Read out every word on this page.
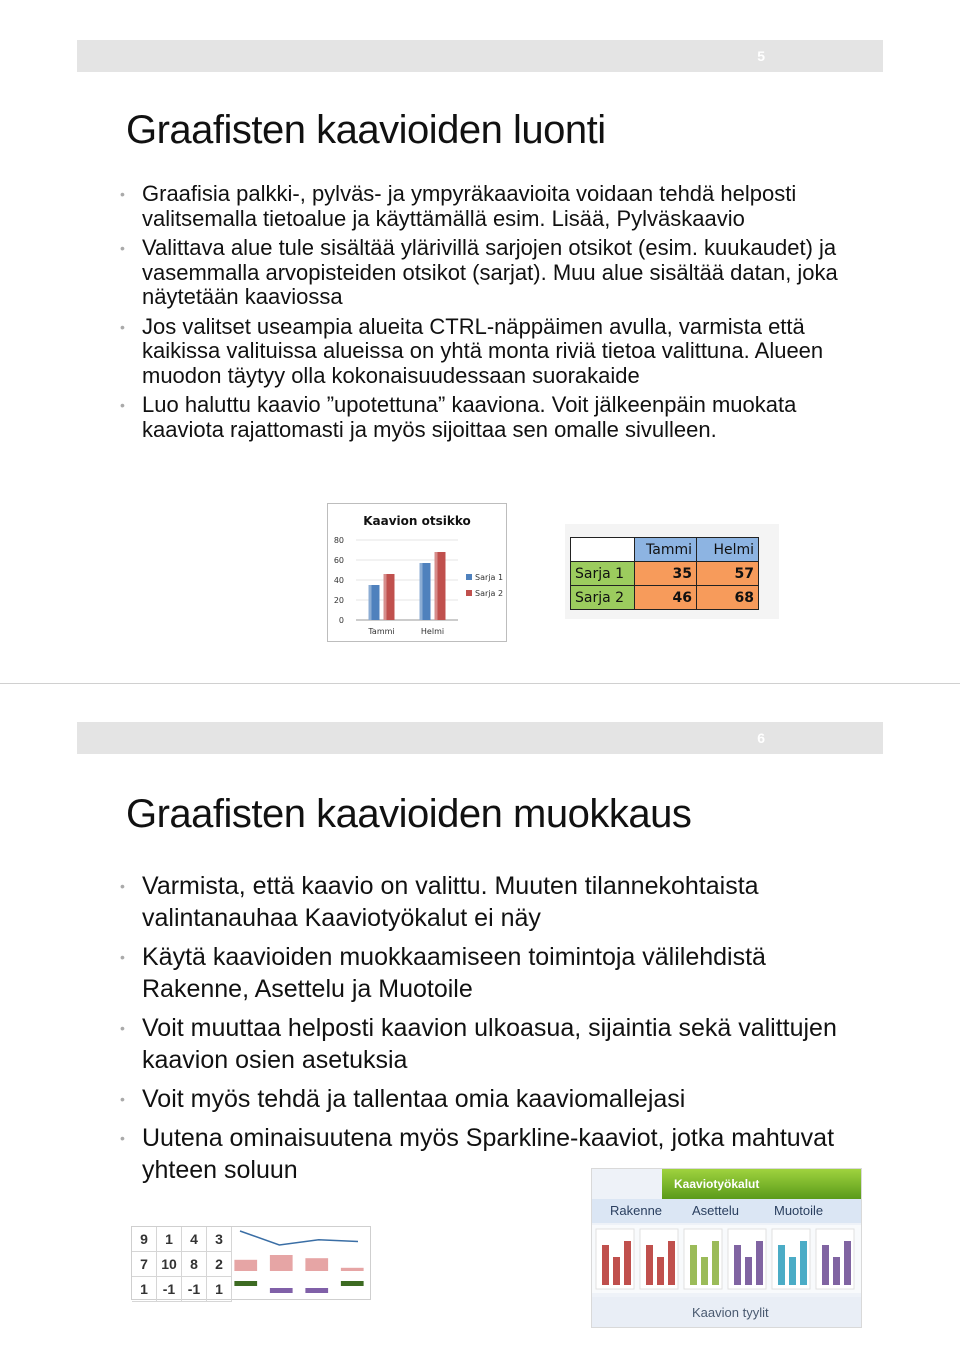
5
Graafisten kaavioiden luonti
• Graafisia palkki-, pylväs- ja ympyräkaavioita voidaan tehdä helposti valitsemalla tietoalue ja käyttämällä esim. Lisää, Pylväskaavio
• Valittava alue tule sisältää ylärivillä sarjojen otsikot (esim. kuukaudet) ja vasemmalla arvopisteiden otsikot (sarjat). Muu alue sisältää datan, joka näytetään kaaviossa
• Jos valitset useampia alueita CTRL-näppäimen avulla, varmista että kaikissa valituissa alueissa on yhtä monta riviä tietoa valittuna. Alueen muodon täytyy olla kokonaisuudessaan suorakaide
• Luo haluttu kaavio ”upotettuna” kaaviona. Voit jälkeenpäin muokata kaaviota rajattomasti ja myös sijoittaa sen omalle sivulleen.
Kaavion otsikko
0
20
40
60
80
Tammi	Helmi
Sarja 1
Sarja 2
	Tammi	Helmi
Sarja 1	35	57
Sarja 2	46	68
6
Graafisten kaavioiden muokkaus
• Varmista, että kaavio on valittu. Muuten tilannekohtaista valintanauhaa Kaaviotyökalut ei näy
• Käytä kaavioiden muokkaamiseen toimintoja välilehdistä Rakenne, Asettelu ja Muotoile
• Voit muuttaa helposti kaavion ulkoasua, sijaintia sekä valittujen kaavion osien asetuksia
• Voit myös tehdä ja tallentaa omia kaaviomallejasi
• Uutena ominaisuutena myös Sparkline-kaaviot, jotka mahtuvat yhteen soluun
9	1	4	3
7	10	8	2
1	-1	-1	1
Kaaviotyökalut
Rakenne Asettelu	Muotoile
Kaavion tyylit
